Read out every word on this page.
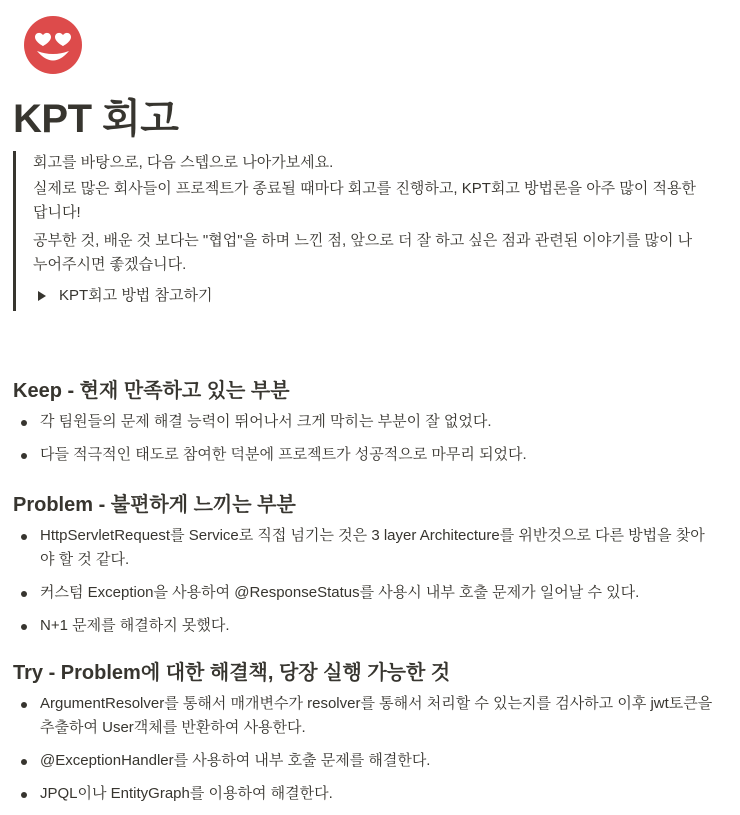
KPT 회고

회고를 바탕으로, 다음 스텝으로 나아가보세요.

실제로 많은 회사들이 프로젝트가 종료될 때마다 회고를 진행하고, KPT회고 방법론을 아주 많이 적용한답니다!

공부한 것, 배운 것 보다는 "협업"을 하며 느낀 점, 앞으로 더 잘 하고 싶은 점과 관련된 이야기를 많이 나누어주시면 좋겠습니다.

KPT회고 방법 참고하기
Keep - 현재 만족하고 있는 부분
각 팀원들의 문제 해결 능력이 뛰어나서 크게 막히는 부분이 잘 없었다.
다들 적극적인 태도로 참여한 덕분에 프로젝트가 성공적으로 마무리 되었다.
Problem - 불편하게 느끼는 부분
HttpServletRequest를 Service로 직접 넘기는 것은 3 layer Architecture를 위반것으로 다른 방법을 찾아야 할 것 같다.
커스텀 Exception을 사용하여 @ResponseStatus를 사용시 내부 호출 문제가 일어날 수 있다.
N+1 문제를 해결하지 못했다.
Try - Problem에 대한 해결책, 당장 실행 가능한 것
ArgumentResolver를 통해서 매개변수가 resolver를 통해서 처리할 수 있는지를 검사하고 이후 jwt토큰을 추출하여 User객체를 반환하여 사용한다.
@ExceptionHandler를 사용하여 내부 호출 문제를 해결한다.
JPQL이나 EntityGraph를 이용하여 해결한다.
